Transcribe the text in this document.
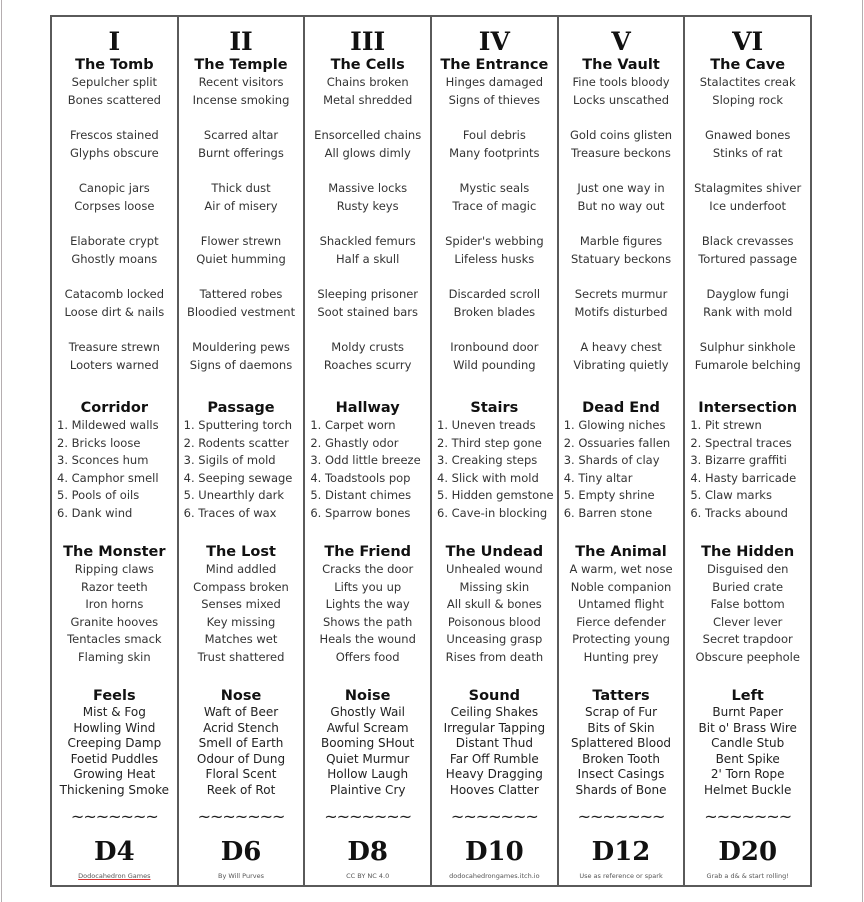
I
The Tomb
Sepulcher split
Bones scattered
Frescos stained
Glyphs obscure
Canopic jars
Corpses loose
Elaborate crypt
Ghostly moans
Catacomb locked
Loose dirt & nails
Treasure strewn
Looters warned
Corridor
1. Mildewed walls
2. Bricks loose
3. Sconces hum
4. Camphor smell
5. Pools of oils
6. Dank wind
The Monster
Ripping claws
Razor teeth
Iron horns
Granite hooves
Tentacles smack
Flaming skin
Feels
Mist & Fog
Howling Wind
Creeping Damp
Foetid Puddles
Growing Heat
Thickening Smoke
~~~~~~~
D4
Dodocahedron Games
II
The Temple
Recent visitors
Incense smoking
Scarred altar
Burnt offerings
Thick dust
Air of misery
Flower strewn
Quiet humming
Tattered robes
Bloodied vestment
Mouldering pews
Signs of daemons
Passage
1. Sputtering torch
2. Rodents scatter
3. Sigils of mold
4. Seeping sewage
5. Unearthly dark
6. Traces of wax
The Lost
Mind addled
Compass broken
Senses mixed
Key missing
Matches wet
Trust shattered
Nose
Waft of Beer
Acrid Stench
Smell of Earth
Odour of Dung
Floral Scent
Reek of Rot
~~~~~~~
D6
By Will Purves
III
The Cells
Chains broken
Metal shredded
Ensorcelled chains
All glows dimly
Massive locks
Rusty keys
Shackled femurs
Half a skull
Sleeping prisoner
Soot stained bars
Moldy crusts
Roaches scurry
Hallway
1. Carpet worn
2. Ghastly odor
3. Odd little breeze
4. Toadstools pop
5. Distant chimes
6. Sparrow bones
The Friend
Cracks the door
Lifts you up
Lights the way
Shows the path
Heals the wound
Offers food
Noise
Ghostly Wail
Awful Scream
Booming SHout
Quiet Murmur
Hollow Laugh
Plaintive Cry
~~~~~~~
D8
CC BY NC 4.0
IV
The Entrance
Hinges damaged
Signs of thieves
Foul debris
Many footprints
Mystic seals
Trace of magic
Spider's webbing
Lifeless husks
Discarded scroll
Broken blades
Ironbound door
Wild pounding
Stairs
1. Uneven treads
2. Third step gone
3. Creaking steps
4. Slick with mold
5. Hidden gemstone
6. Cave-in blocking
The Undead
Unhealed wound
Missing skin
All skull & bones
Poisonous blood
Unceasing grasp
Rises from death
Sound
Ceiling Shakes
Irregular Tapping
Distant Thud
Far Off Rumble
Heavy Dragging
Hooves Clatter
~~~~~~~
D10
dodocahedrongames.itch.io
V
The Vault
Fine tools bloody
Locks unscathed
Gold coins glisten
Treasure beckons
Just one way in
But no way out
Marble figures
Statuary beckons
Secrets murmur
Motifs disturbed
A heavy chest
Vibrating quietly
Dead End
1. Glowing niches
2. Ossuaries fallen
3. Shards of clay
4. Tiny altar
5. Empty shrine
6. Barren stone
The Animal
A warm, wet nose
Noble companion
Untamed flight
Fierce defender
Protecting young
Hunting prey
Tatters
Scrap of Fur
Bits of Skin
Splattered Blood
Broken Tooth
Insect Casings
Shards of Bone
~~~~~~~
D12
Use as reference or spark
VI
The Cave
Stalactites creak
Sloping rock
Gnawed bones
Stinks of rat
Stalagmites shiver
Ice underfoot
Black crevasses
Tortured passage
Dayglow fungi
Rank with mold
Sulphur sinkhole
Fumarole belching
Intersection
1. Pit strewn
2. Spectral traces
3. Bizarre graffiti
4. Hasty barricade
5. Claw marks
6. Tracks abound
The Hidden
Disguised den
Buried crate
False bottom
Clever lever
Secret trapdoor
Obscure peephole
Left
Burnt Paper
Bit o' Brass Wire
Candle Stub
Bent Spike
2' Torn Rope
Helmet Buckle
~~~~~~~
D20
Grab a d& & start rolling!
